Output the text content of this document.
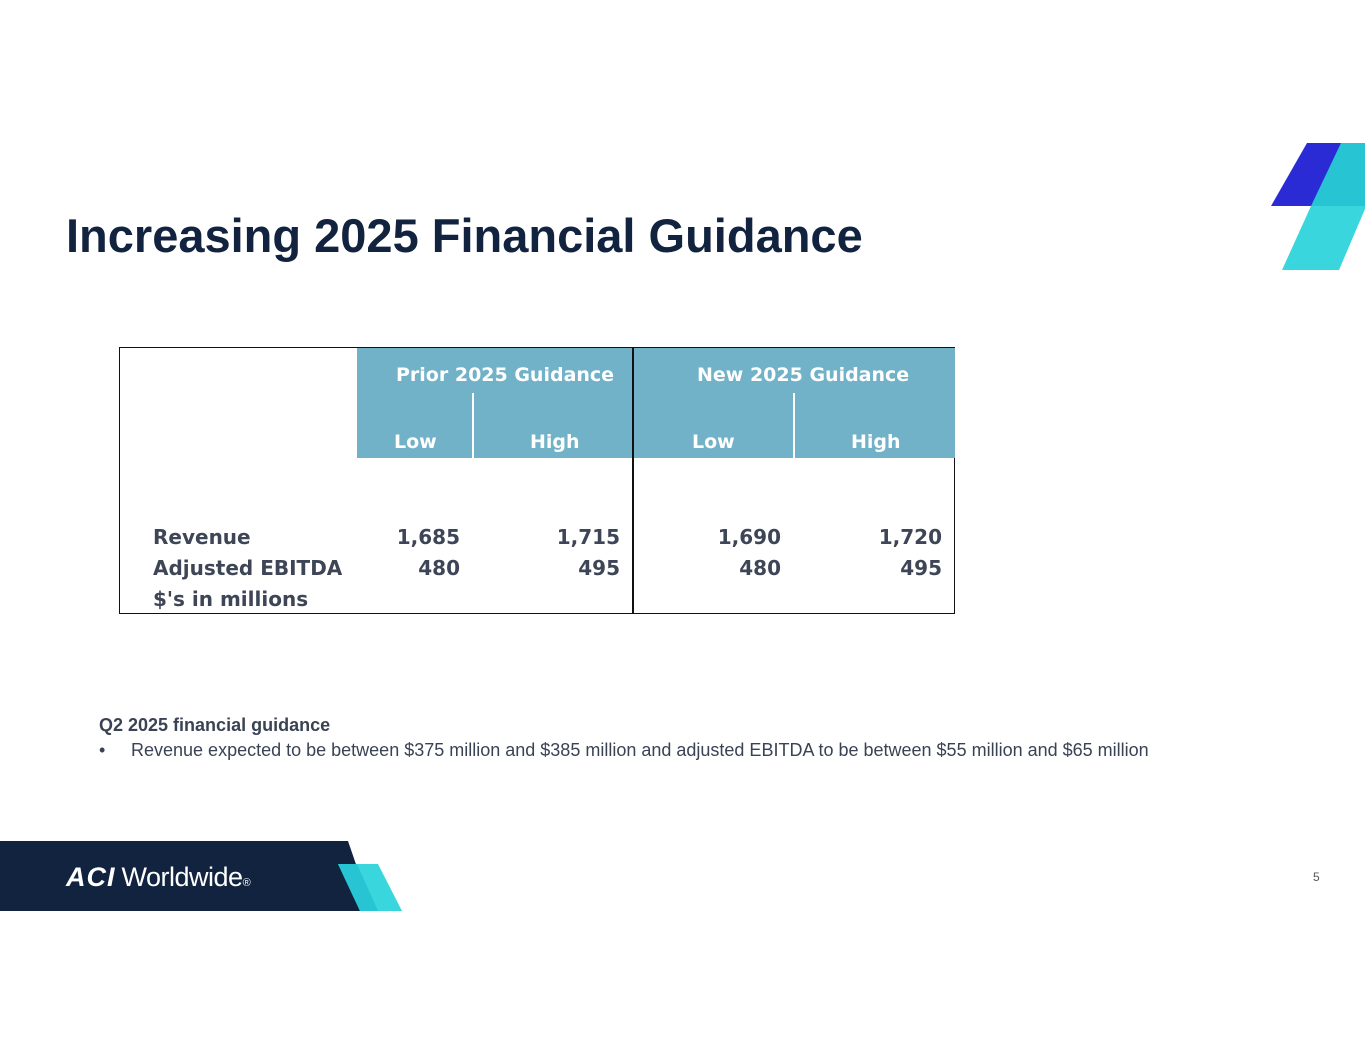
Increasing 2025 Financial Guidance
Prior 2025 Guidance	New 2025 Guidance
Low	High	Low	High
Revenue	1,685	1,715	1,690	1,720
Adjusted EBITDA	480	495	480	495
$'s in millions

Q2 2025 financial guidance

•	Revenue expected to be between $375 million and $385 million and adjusted EBITDA to be between $55 million and $65 million
ACI Worldwide ®	5
